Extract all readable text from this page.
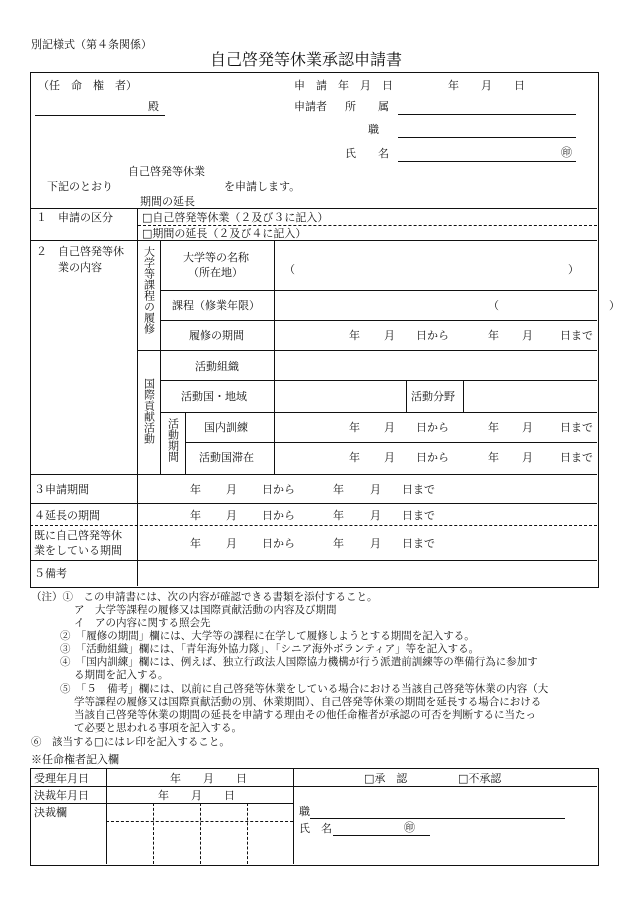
別記様式（第４条関係）
自己啓発等休業承認申請書
（任　命　権　者）
殿
申　請　年　月　日	年　　月　　日
申請者 所　　属
職
氏　　名	㊞
自己啓発等休業
下記のとおり	を申請します。
期間の延長
１　申請の区分	□自己啓発等休業（２及び３に記入）
□期間の延長（２及び４に記入）
２　自己啓発等休
業の内容	大学等課程の履修
国際貢献活動 活動期間
大学等の名称
（所在地）	（	）
課程（修業年限）	（　　　　　　　　　　）
履修の期間	年 月 日から	年 月 日まで
活動組織
活動国・地域	活動分野
国内訓練	年 月 日から	年 月 日まで
活動国滞在	年 月 日から	年 月 日まで
３申請期間	年 月 日から	年 月 日まで
４延長の期間	年 月 日から	年 月 日まで
既に自己啓発等休
業をしている期間
年 月 日から	年 月 日まで
５備考
（注）①　この申請書には、次の内容が確認できる書類を添付すること。
ア　大学等課程の履修又は国際貢献活動の内容及び期間
イ　アの内容に関する照会先
②　「履修の期間」欄には、大学等の課程に在学して履修しようとする期間を記入する。
③　「活動組織」欄には、「青年海外協力隊」、「シニア海外ボランティア」等を記入する。
④　「国内訓練」欄には、例えば、独立行政法人国際協力機構が行う派遣前訓練等の準備行為に参加す
る期間を記入する。
⑤　「５　備考」欄には、以前に自己啓発等休業をしている場合における当該自己啓発等休業の内容（大
学等課程の履修又は国際貢献活動の別、休業期間）、自己啓発等休業の期間を延長する場合における
当該自己啓発等休業の期間の延長を申請する理由その他任命権者が承認の可否を判断するに当たっ
て必要と思われる事項を記入する。
⑥　該当する□にはレ印を記入すること。
※任命権者記入欄
受理年月日	年　　月　　日	□承　認	□不承認
決裁年月日	年　　月　　日
決裁欄	職
氏　名	㊞
